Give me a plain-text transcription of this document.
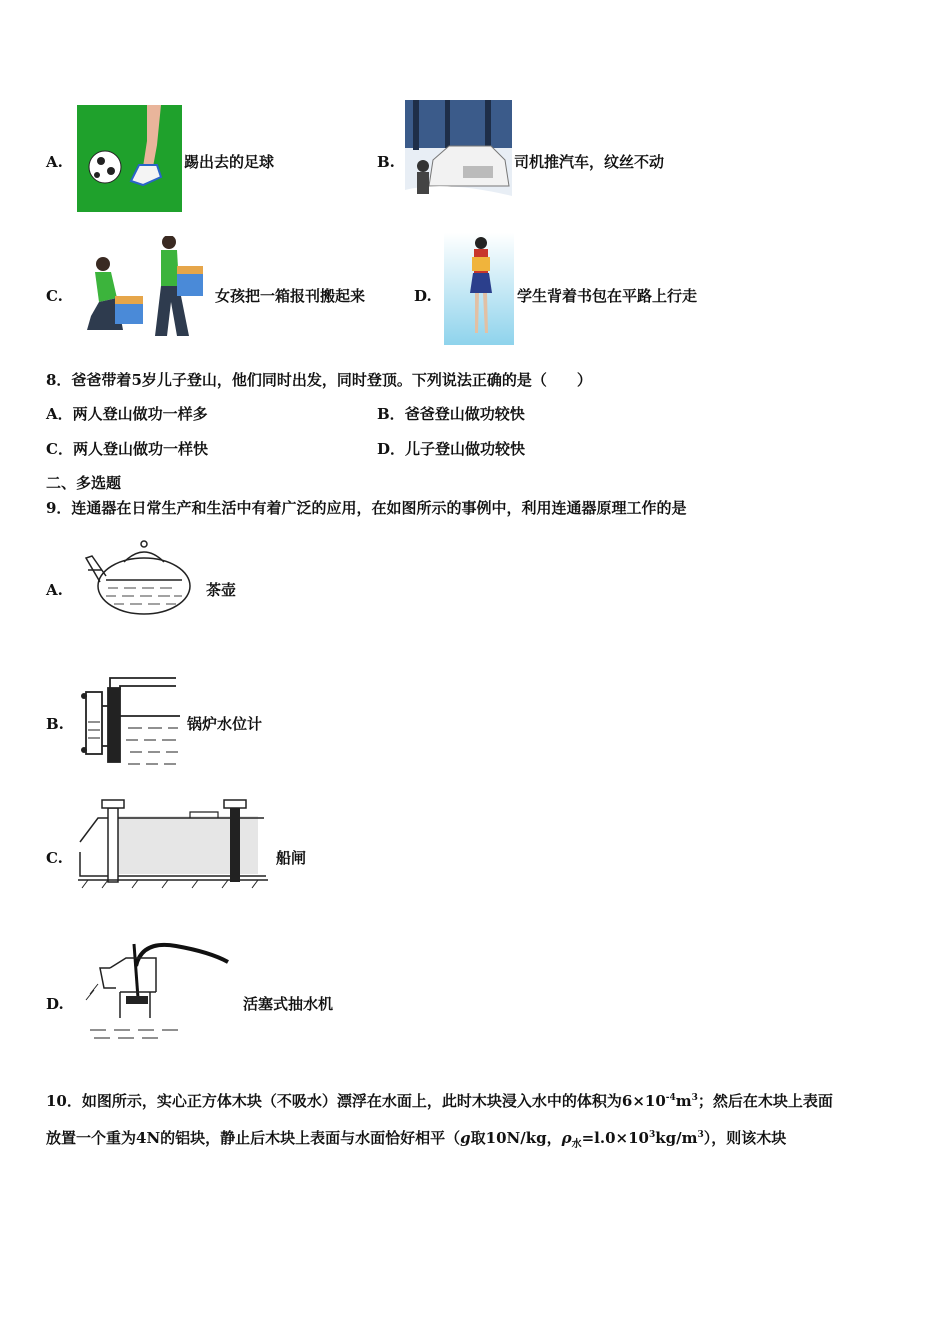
A.	踢出去的足球	B.	司机推汽车，纹丝不动
C.	女孩把一箱报刊搬起来	D.	学生背着书包在平路上行走
8．爸爸带着5岁儿子登山，他们同时出发，同时登顶。下列说法正确的是（　　）
A．两人登山做功一样多	B．爸爸登山做功较快
C．两人登山做功一样快	D．儿子登山做功较快
二、多选题
9．连通器在日常生产和生活中有着广泛的应用，在如图所示的事例中，利用连通器原理工作的是
A.	茶壶
B.	锅炉水位计
C.	船闸
D.	活塞式抽水机
10．如图所示，实心正方体木块（不吸水）漂浮在水面上，此时木块浸入水中的体积为$6\times 10^{-4}m^3$；然后在木块上表面
放置一个重为4N的铝块，静止后木块上表面与水面恰好相平（g取10N/kg，$\rho_水=l.0\times 10^3kg/m^3$），则该木块
